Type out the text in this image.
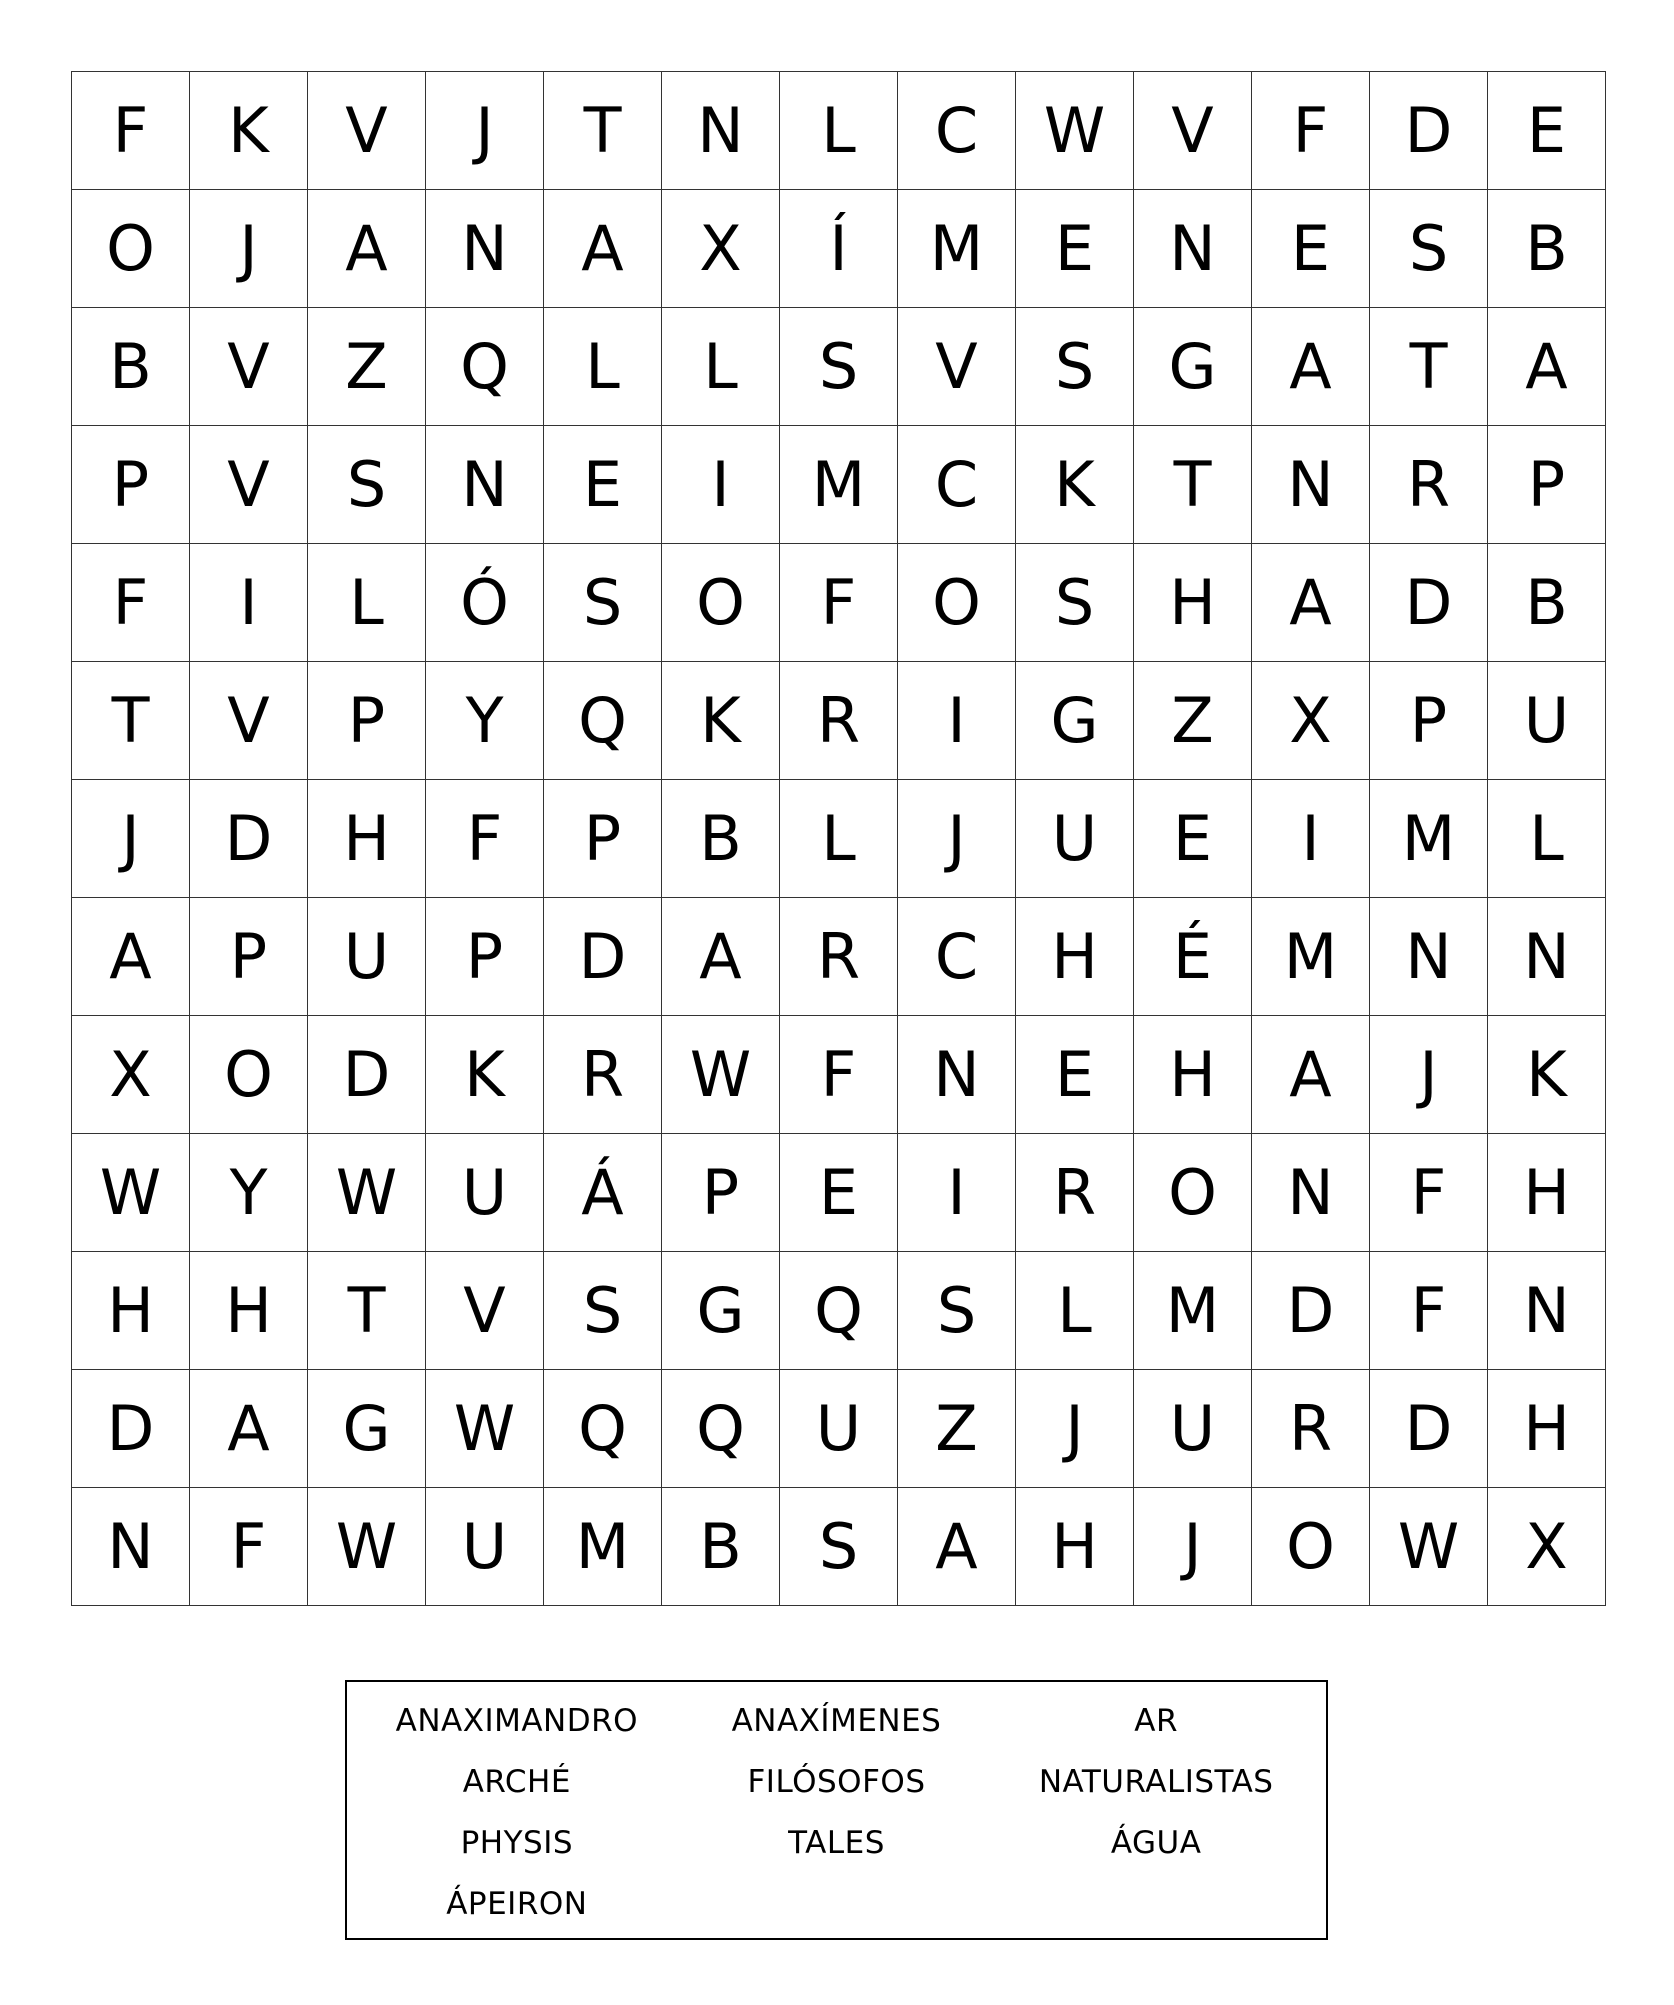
F	K	V	J	T	N	L	C	W	V	F	D	E
O	J	A	N	A	X	Í	M	E	N	E	S	B
B	V	Z	Q	L	L	S	V	S	G	A	T	A
P	V	S	N	E	I	M	C	K	T	N	R	P
F	I	L	Ó	S	O	F	O	S	H	A	D	B
T	V	P	Y	Q	K	R	I	G	Z	X	P	U
J	D	H	F	P	B	L	J	U	E	I	M	L
A	P	U	P	D	A	R	C	H	É	M	N	N
X	O	D	K	R	W	F	N	E	H	A	J	K
W	Y	W	U	Á	P	E	I	R	O	N	F	H
H	H	T	V	S	G	Q	S	L	M	D	F	N
D	A	G	W	Q	Q	U	Z	J	U	R	D	H
N	F	W	U	M	B	S	A	H	J	O	W	X
ANAXIMANDRO	ANAXÍMENES	AR
ARCHÉ	FILÓSOFOS	NATURALISTAS
PHYSIS	TALES	ÁGUA
ÁPEIRON
